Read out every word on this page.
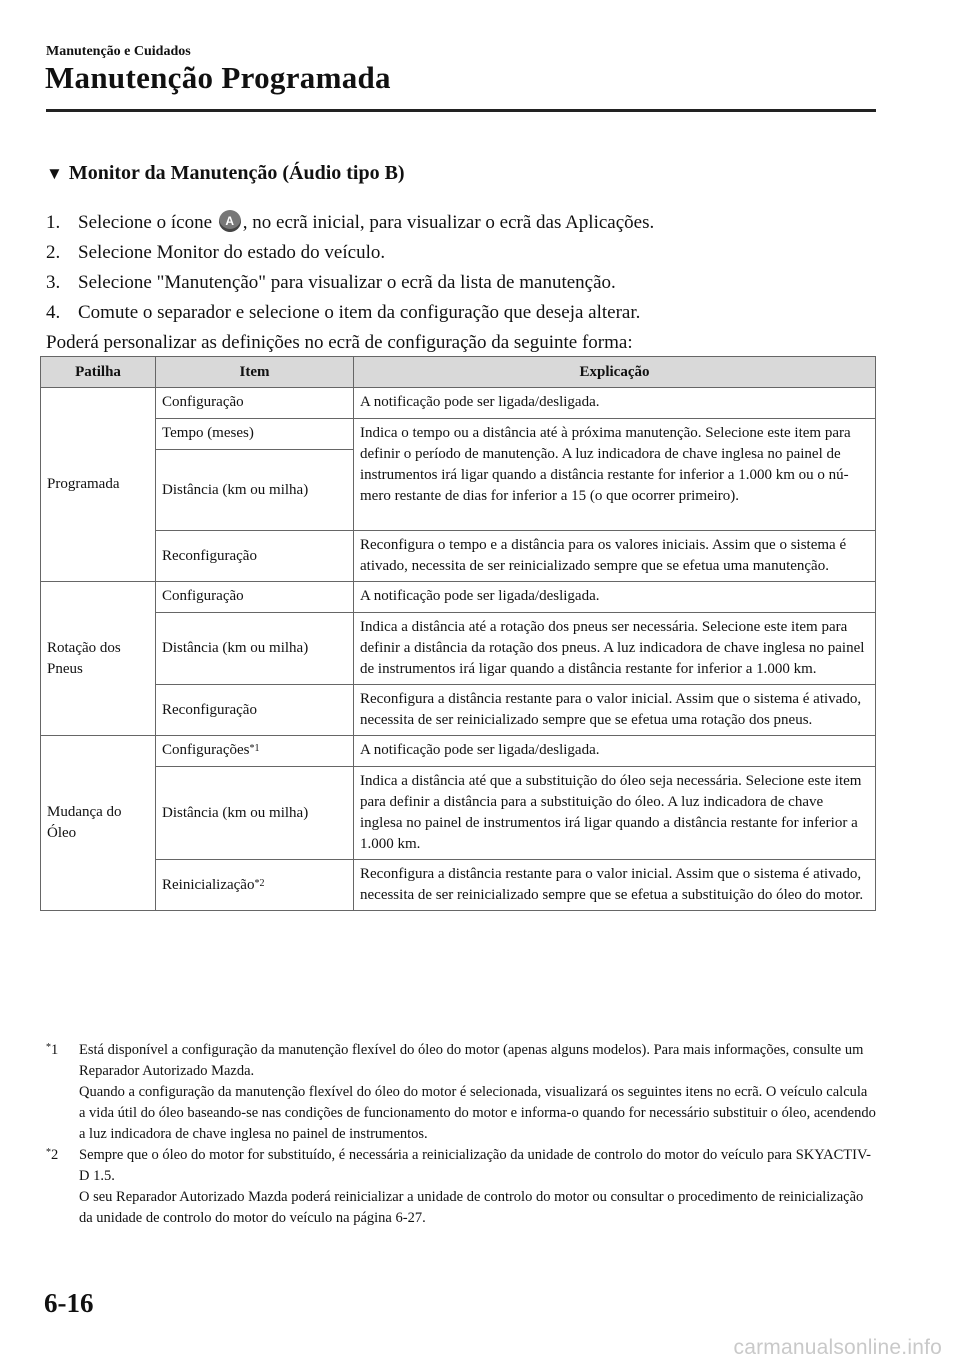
Manutenção e Cuidados
Manutenção Programada
▼ Monitor da Manutenção (Áudio tipo B)
1. Selecione o ícone A , no ecrã inicial, para visualizar o ecrã das Aplicações.
2. Selecione Monitor do estado do veículo.
3. Selecione "Manutenção" para visualizar o ecrã da lista de manutenção.
4. Comute o separador e selecione o item da configuração que deseja alterar.
Poderá personalizar as definições no ecrã de configuração da seguinte forma:
Patilha	Item	Explicação
Programada	Configuração	A notificação pode ser ligada/desligada.
	Tempo (meses)	Indica o tempo ou a distância até à próxima manutenção. Selecione este item para definir o período de manutenção. A luz indicadora de chave inglesa no painel de instrumentos irá ligar quando a distância restante for inferior a 1.000 km ou o número restante de dias for inferior a 15 (o que ocorrer primeiro).
	Distância (km ou milha)	
	Reconfiguração	Reconfigura o tempo e a distância para os valores iniciais. Assim que o sistema é ativado, necessita de ser reinicializado sempre que se efetua uma manutenção.
Rotação dos Pneus	Configuração	A notificação pode ser ligada/desligada.
	Distância (km ou milha)	Indica a distância até a rotação dos pneus ser necessária. Selecione este item para definir a distância da rotação dos pneus. A luz indicadora de chave inglesa no painel de instrumentos irá ligar quando a distância restante for inferior a 1.000 km.
	Reconfiguração	Reconfigura a distância restante para o valor inicial. Assim que o sistema é ativado, necessita de ser reinicializado sempre que se efetua uma rotação dos pneus.
Mudança do Óleo	Configurações$^{*1}$	A notificação pode ser ligada/desligada.
	Distância (km ou milha)	Indica a distância até que a substituição do óleo seja necessária. Selecione este item para definir a distância para a substituição do óleo. A luz indicadora de chave inglesa no painel de instrumentos irá ligar quando a distância restante for inferior a 1.000 km.
	Reinicialização$^{*2}$	Reconfigura a distância restante para o valor inicial. Assim que o sistema é ativado, necessita de ser reinicializado sempre que se efetua a substituição do óleo do motor.
*1	Está disponível a configuração da manutenção flexível do óleo do motor (apenas alguns modelos). Para mais informações, consulte um Reparador Autorizado Mazda.

Quando a configuração da manutenção flexível do óleo do motor é selecionada, visualizará os seguintes itens no ecrã. O veículo calcula a vida útil do óleo baseando-se nas condições de funcionamento do motor e informa-o quando for necessário substituir o óleo, acendendo a luz indicadora de chave inglesa no painel de instrumentos.

*2	Sempre que o óleo do motor for substituído, é necessária a reinicialização da unidade de controlo do motor do veículo para SKYACTIV-D 1.5.

O seu Reparador Autorizado Mazda poderá reinicializar a unidade de controlo do motor ou consultar o procedimento de reinicialização da unidade de controlo do motor do veículo na página 6-27.

6-16
carmanualsonline.info
